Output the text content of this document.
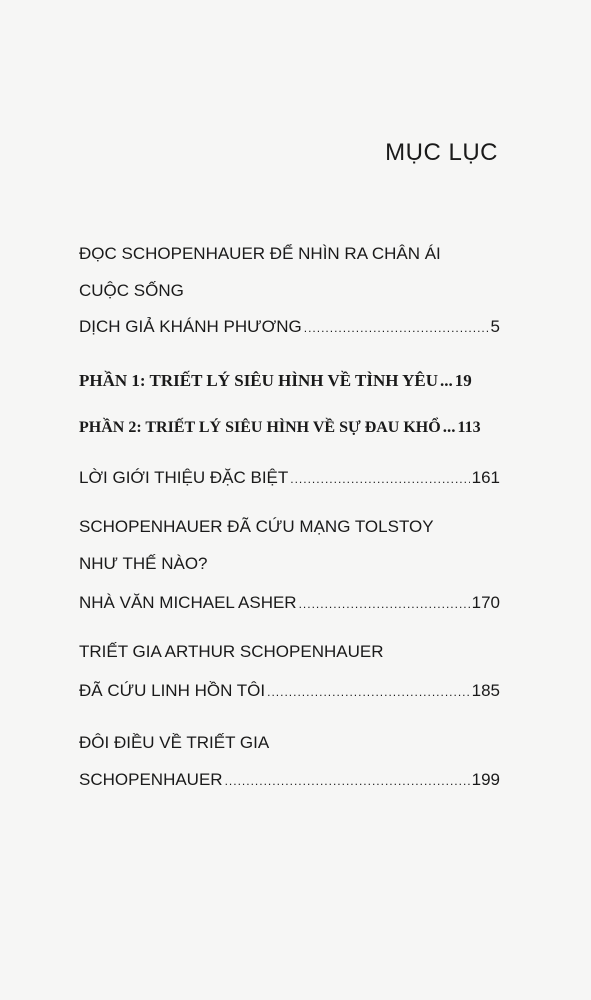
MỤC LỤC
ĐỌC SCHOPENHAUER ĐỂ NHÌN RA CHÂN ÁI
CUỘC SỐNG
DỊCH GIẢ KHÁNH PHƯƠNG .....	5
PHẦN 1: TRIẾT LÝ SIÊU HÌNH VỀ TÌNH YÊU ... 19
PHẦN 2: TRIẾT LÝ SIÊU HÌNH VỀ SỰ ĐAU KHỔ ... 113
LỜI GIỚI THIỆU ĐẶC BIỆT .....	161
SCHOPENHAUER ĐÃ CỨU MẠNG TOLSTOY
NHƯ THẾ NÀO?
NHÀ VĂN MICHAEL ASHER .....	170
TRIẾT GIA ARTHUR SCHOPENHAUER
ĐÃ CỨU LINH HỒN TÔI .....	185
ĐÔI ĐIỀU VỀ TRIẾT GIA
SCHOPENHAUER .....	199
